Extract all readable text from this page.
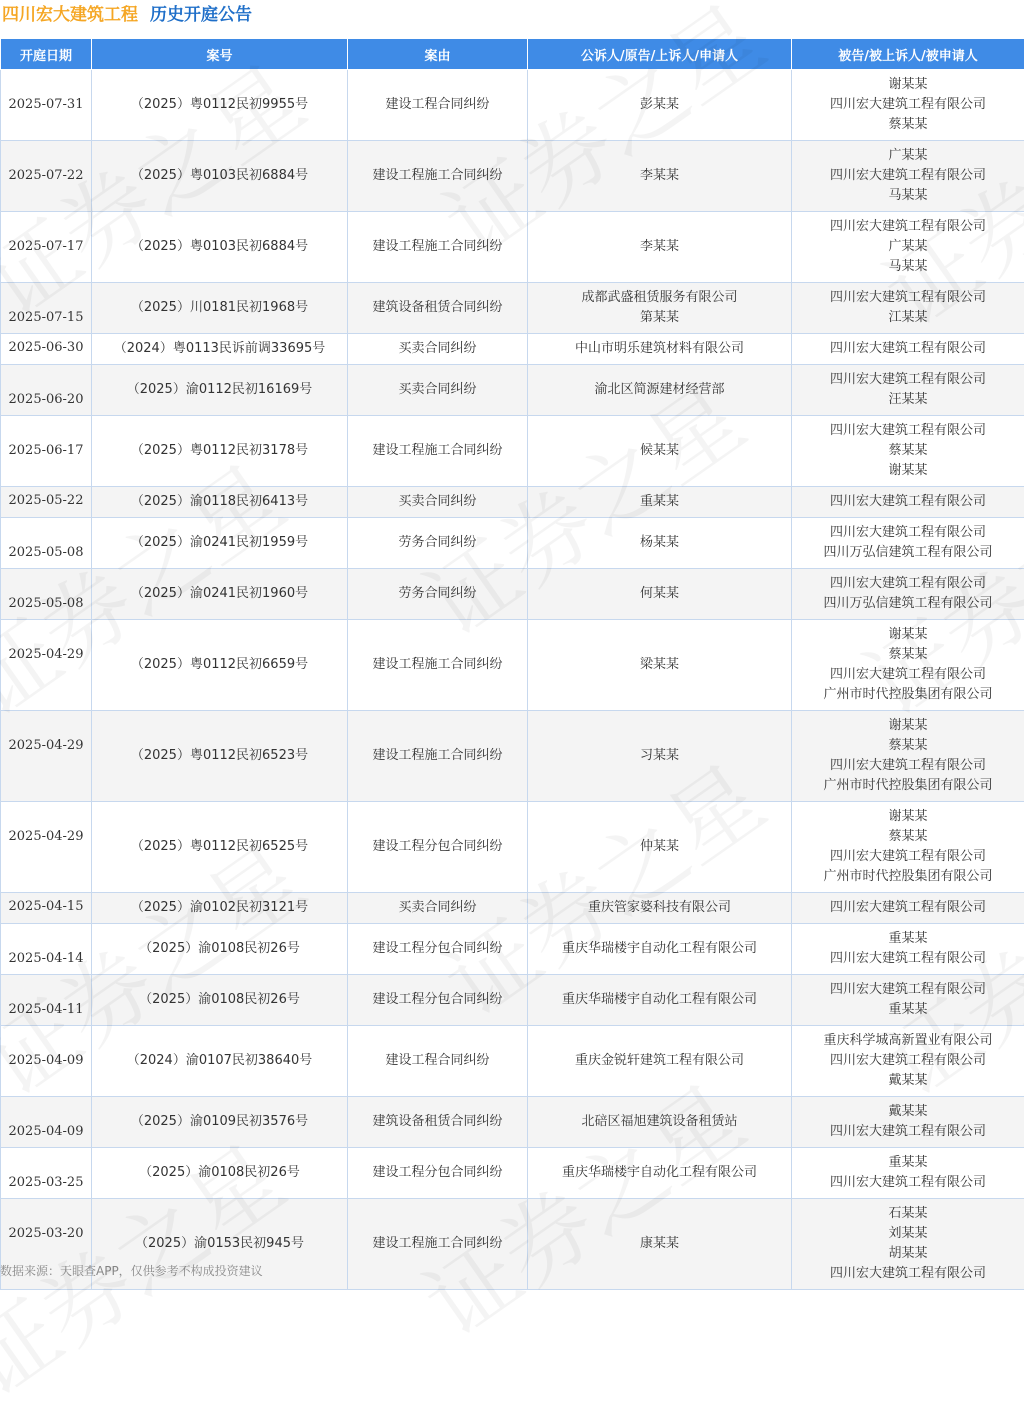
四川宏大建筑工程 历史开庭公告
开庭日期	案号	案由	公诉人/原告/上诉人/申请人	被告/被上诉人/被申请人
2025-07-31	（2025）粤0112民初9955号	建设工程合同纠纷	彭某某	谢某某
四川宏大建筑工程有限公司
蔡某某

2025-07-22	（2025）粤0103民初6884号	建设工程施工合同纠纷	李某某	广某某
四川宏大建筑工程有限公司
马某某

2025-07-17	（2025）粤0103民初6884号	建设工程施工合同纠纷	李某某	四川宏大建筑工程有限公司
广某某
马某某

2025-07-15	（2025）川0181民初1968号	建筑设备租赁合同纠纷	成都武盛租赁服务有限公司
第某某	四川宏大建筑工程有限公司
江某某

2025-06-30	（2024）粤0113民诉前调33695号	买卖合同纠纷	中山市明乐建筑材料有限公司	四川宏大建筑工程有限公司

2025-06-20	（2025）渝0112民初16169号	买卖合同纠纷	渝北区简源建材经营部	四川宏大建筑工程有限公司
汪某某

2025-06-17	（2025）粤0112民初3178号	建设工程施工合同纠纷	候某某	四川宏大建筑工程有限公司
蔡某某
谢某某

2025-05-22	（2025）渝0118民初6413号	买卖合同纠纷	重某某	四川宏大建筑工程有限公司

2025-05-08	（2025）渝0241民初1959号	劳务合同纠纷	杨某某	四川宏大建筑工程有限公司
四川万弘信建筑工程有限公司

2025-05-08	（2025）渝0241民初1960号	劳务合同纠纷	何某某	四川宏大建筑工程有限公司
四川万弘信建筑工程有限公司

2025-04-29	（2025）粤0112民初6659号	建设工程施工合同纠纷	梁某某	谢某某
蔡某某
四川宏大建筑工程有限公司
广州市时代控股集团有限公司

2025-04-29	（2025）粤0112民初6523号	建设工程施工合同纠纷	习某某	谢某某
蔡某某
四川宏大建筑工程有限公司
广州市时代控股集团有限公司

2025-04-29	（2025）粤0112民初6525号	建设工程分包合同纠纷	仲某某	谢某某
蔡某某
四川宏大建筑工程有限公司
广州市时代控股集团有限公司

2025-04-15	（2025）渝0102民初3121号	买卖合同纠纷	重庆管家婆科技有限公司	四川宏大建筑工程有限公司

2025-04-14	（2025）渝0108民初26号	建设工程分包合同纠纷	重庆华瑞楼宇自动化工程有限公司	重某某
四川宏大建筑工程有限公司

2025-04-11	（2025）渝0108民初26号	建设工程分包合同纠纷	重庆华瑞楼宇自动化工程有限公司	四川宏大建筑工程有限公司
重某某

2025-04-09	（2024）渝0107民初38640号	建设工程合同纠纷	重庆金锐轩建筑工程有限公司	重庆科学城高新置业有限公司
四川宏大建筑工程有限公司
戴某某

2025-04-09	（2025）渝0109民初3576号	建筑设备租赁合同纠纷	北碚区福旭建筑设备租赁站	戴某某
四川宏大建筑工程有限公司

2025-03-25	（2025）渝0108民初26号	建设工程分包合同纠纷	重庆华瑞楼宇自动化工程有限公司	重某某
四川宏大建筑工程有限公司

2025-03-20	（2025）渝0153民初945号	建设工程施工合同纠纷	康某某	石某某
刘某某
胡某某
四川宏大建筑工程有限公司
数据来源：天眼查APP，仅供参考不构成投资建议
